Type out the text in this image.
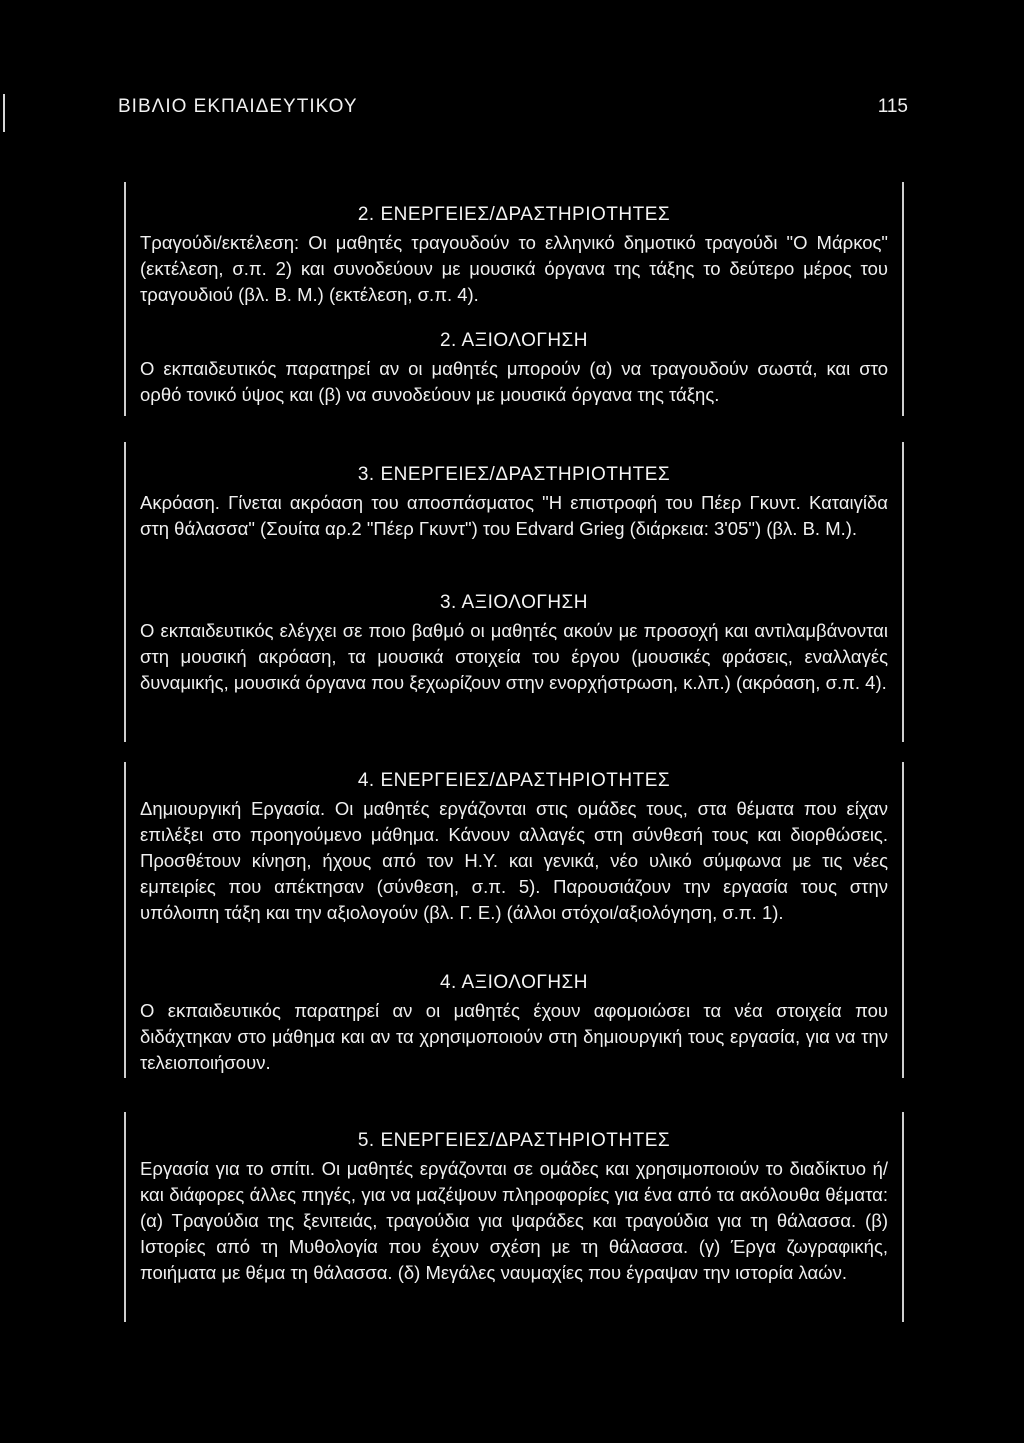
ΒΙΒΛΙΟ ΕΚΠΑΙΔΕΥΤΙΚΟΥ	115
2. ΕΝΕΡΓΕΙΕΣ/ΔΡΑΣΤΗΡΙΟΤΗΤΕΣ

Τραγούδι/εκτέλεση: Οι μαθητές τραγουδούν το ελληνικό δημοτικό τραγούδι "Ο Μάρκος" (εκτέλεση, σ.π. 2) και συνοδεύουν με μουσικά όργανα της τάξης το δεύτερο μέρος του τραγουδιού (βλ. Β. Μ.) (εκτέλεση, σ.π. 4).

2. ΑΞΙΟΛΟΓΗΣΗ

Ο εκπαιδευτικός παρατηρεί αν οι μαθητές μπορούν (α) να τραγουδούν σωστά, και στο ορθό τονικό ύψος και (β) να συνοδεύουν με μουσικά όργανα της τάξης.

3. ΕΝΕΡΓΕΙΕΣ/ΔΡΑΣΤΗΡΙΟΤΗΤΕΣ

Ακρόαση. Γίνεται ακρόαση του αποσπάσματος "Η επιστροφή του Πέερ Γκυντ. Καταιγίδα στη θάλασσα" (Σουίτα αρ.2 "Πέερ Γκυντ") του Edvard Grieg (διάρκεια: 3'05") (βλ. Β. Μ.).

3. ΑΞΙΟΛΟΓΗΣΗ

Ο εκπαιδευτικός ελέγχει σε ποιο βαθμό οι μαθητές ακούν με προσοχή και αντιλαμβάνονται στη μουσική ακρόαση, τα μουσικά στοιχεία του έργου (μουσικές φράσεις, εναλλαγές δυναμικής, μουσικά όργανα που ξεχωρίζουν στην ενορχήστρωση, κ.λπ.) (ακρόαση, σ.π. 4).

4. ΕΝΕΡΓΕΙΕΣ/ΔΡΑΣΤΗΡΙΟΤΗΤΕΣ

Δημιουργική Εργασία. Οι μαθητές εργάζονται στις ομάδες τους, στα θέματα που είχαν επιλέξει στο προηγούμενο μάθημα. Κάνουν αλλαγές στη σύνθεσή τους και διορθώσεις. Προσθέτουν κίνηση, ήχους από τον Η.Υ. και γενικά, νέο υλικό σύμφωνα με τις νέες εμπειρίες που απέκτησαν (σύνθεση, σ.π. 5). Παρουσιάζουν την εργασία τους στην υπόλοιπη τάξη και την αξιολογούν (βλ. Γ. Ε.) (άλλοι στόχοι/αξιολόγηση, σ.π. 1).

4. ΑΞΙΟΛΟΓΗΣΗ

Ο εκπαιδευτικός παρατηρεί αν οι μαθητές έχουν αφομοιώσει τα νέα στοιχεία που διδάχτηκαν στο μάθημα και αν τα χρησιμοποιούν στη δημιουργική τους εργασία, για να την τελειοποιήσουν.

5. ΕΝΕΡΓΕΙΕΣ/ΔΡΑΣΤΗΡΙΟΤΗΤΕΣ

Εργασία για το σπίτι. Οι μαθητές εργάζονται σε ομάδες και χρησιμοποιούν το διαδίκτυο ή/και διάφορες άλλες πηγές, για να μαζέψουν πληροφορίες για ένα από τα ακόλουθα θέματα: (α) Τραγούδια της ξενιτειάς, τραγούδια για ψαράδες και τραγούδια για τη θάλασσα. (β) Ιστορίες από τη Μυθολογία που έχουν σχέση με τη θάλασσα. (γ) Έργα ζωγραφικής, ποιήματα με θέμα τη θάλασσα. (δ) Μεγάλες ναυμαχίες που έγραψαν την ιστορία λαών.
